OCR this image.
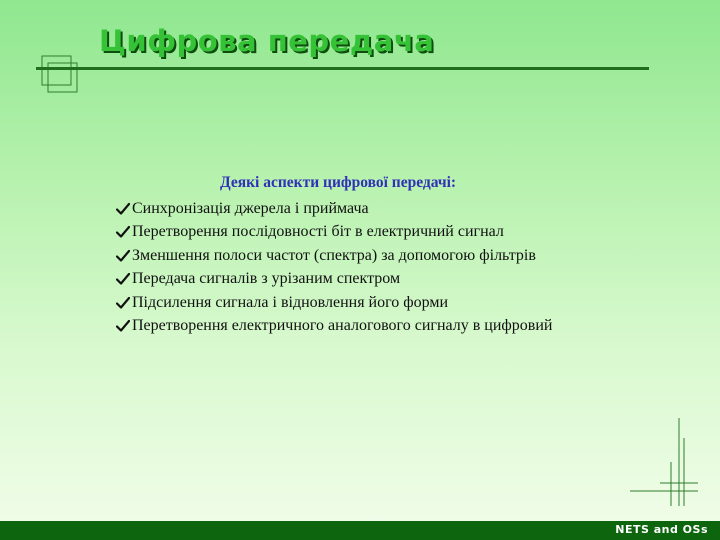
Цифрова передача
Деякі аспекти цифрової передачі:
Синхронізація джерела і приймача
Перетворення послідовності біт в електричний сигнал
Зменшення полоси частот (спектра) за допомогою фільтрів
Передача сигналів з урізаним спектром
Підсилення сигнала і відновлення його форми
Перетворення електричного аналогового сигналу в цифровий
NETS and OSs
